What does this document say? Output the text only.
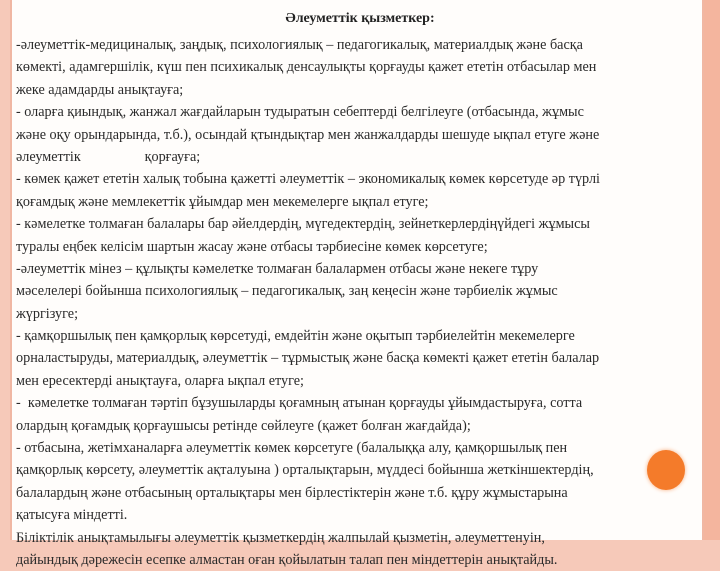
Әлеуметтік қызметкер:
-әлеуметтік-медициналық, заңдық, психологиялық – педагогикалық, материалдық және басқа
көмекті, адамгершілік, күш пен психикалық денсаулықты қорғауды қажет ететін отбасылар мен
жеке адамдарды анықтауға;
- оларға қиындық, жанжал жағдайларын тудыратын себептерді белгілеуге (отбасында, жұмыс
және оқу орындарында, т.б.), осындай қтындықтар мен жанжалдарды шешуде ықпал етуге және
әлеуметтік                  қорғауға;
- көмек қажет ететін халық тобына қажетті әлеуметтік – экономикалық көмек көрсетуде әр түрлі
қоғамдық және мемлекеттік ұйымдар мен мекемелерге ықпал етуге;
- кәмелетке толмаған балалары бар әйелдердің, мүгедектердің, зейнеткерлердіңүйдегі жұмысы
туралы еңбек келісім шартын жасау және отбасы тәрбиесіне көмек көрсетуге;
-әлеуметтік мінез – құлықты кәмелетке толмаған балалармен отбасы және некеге тұру
мәселелері бойынша психологиялық – педагогикалық, заң кеңесін және тәрбиелік жұмыс
жүргізуге;
- қамқоршылық пен қамқорлық көрсетуді, емдейтін және оқытып тәрбиелейтін мекемелерге
орналастыруды, материалдық, әлеуметтік – тұрмыстық және басқа көмекті қажет ететін балалар
мен ересектерді анықтауға, оларға ықпал етуге;
-  кәмелетке толмаған тәртіп бұзушыларды қоғамның атынан қорғауды ұйымдастыруға, сотта
олардың қоғамдық қорғаушысы ретінде сөйлеуге (қажет болған жағдайда);
- отбасына, жетімханаларға әлеуметтік көмек көрсетуге (балалыққа алу, қамқоршылық пен
қамқорлық көрсету, әлеуметтік ақталуына ) орталықтарын, мүддесі бойынша жеткіншектердің,
балалардың және отбасының орталықтары мен бірлестіктерін және т.б. құру жұмыстарына
қатысуға міндетті.
Біліктілік анықтамылығы әлеуметтік қызметкердің жалпылай қызметін, әлеуметтенуін,
дайындық дәрежесін есепке алмастан оған қойылатын талап пен міндеттерін анықтайды.
